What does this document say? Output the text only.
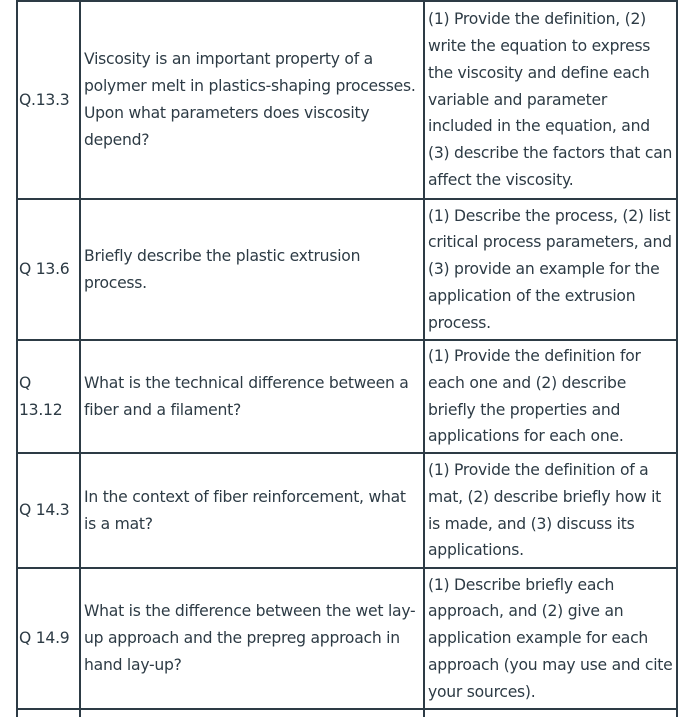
Q.13.3	Viscosity is an important property of a polymer melt in plastics-shaping processes. Upon what parameters does viscosity depend?	(1) Provide the definition, (2) write the equation to express the viscosity and define each variable and parameter included in the equation, and (3) describe the factors that can affect the viscosity.
Q 13.6	Briefly describe the plastic extrusion process.	(1) Describe the process, (2) list critical process parameters, and (3) provide an example for the application of the extrusion process.
Q 13.12	What is the technical difference between a fiber and a filament?	(1) Provide the definition for each one and (2) describe briefly the properties and applications for each one.
Q 14.3	In the context of fiber reinforcement, what is a mat?	(1) Provide the definition of a mat, (2) describe briefly how it is made, and (3) discuss its applications.
Q 14.9	What is the difference between the wet lay-up approach and the prepreg approach in hand lay-up?	(1) Describe briefly each approach, and (2) give an application example for each approach (you may use and cite your sources).
